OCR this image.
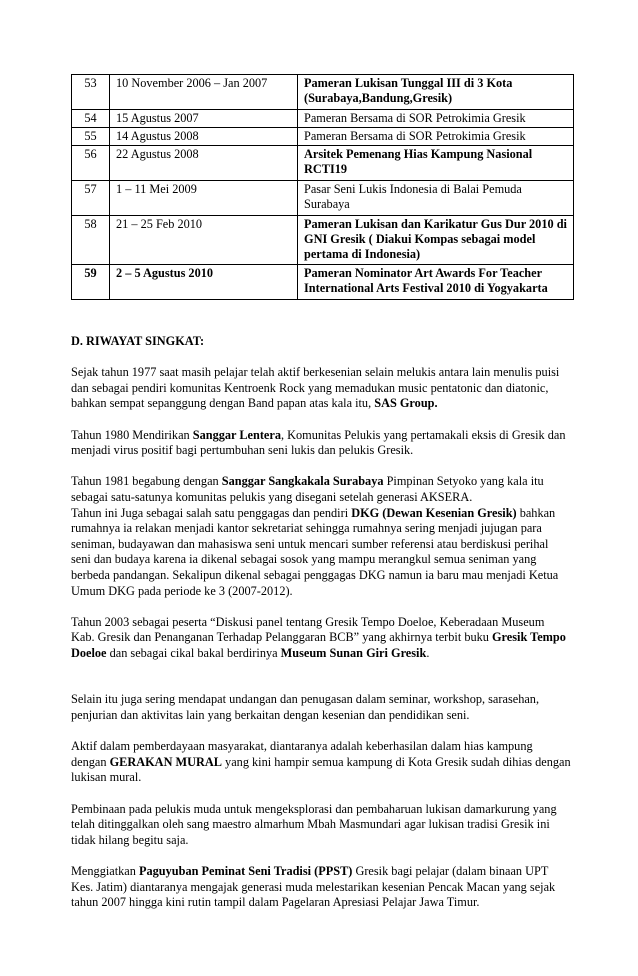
53	10 November 2006 – Jan 2007	Pameran Lukisan Tunggal III di 3 Kota (Surabaya,Bandung,Gresik)
54	15 Agustus 2007	Pameran Bersama di SOR Petrokimia Gresik
55	14 Agustus 2008	Pameran Bersama di SOR Petrokimia Gresik
56	22 Agustus 2008	Arsitek Pemenang Hias Kampung Nasional RCTI19
57	1 – 11 Mei 2009	Pasar Seni Lukis Indonesia di Balai Pemuda Surabaya
58	21 – 25 Feb 2010	Pameran Lukisan dan Karikatur Gus Dur 2010 di GNI Gresik ( Diakui Kompas sebagai model pertama di Indonesia)
59	2 – 5 Agustus 2010	Pameran Nominator Art Awards For Teacher International Arts Festival 2010 di Yogyakarta
D. RIWAYAT SINGKAT:

Sejak tahun 1977 saat masih pelajar telah aktif berkesenian selain melukis antara lain menulis puisi dan sebagai pendiri komunitas Kentroenk Rock yang memadukan music pentatonic dan diatonic, bahkan sempat sepanggung dengan Band papan atas kala itu, SAS Group.

Tahun 1980 Mendirikan Sanggar Lentera, Komunitas Pelukis yang pertamakali eksis di Gresik dan menjadi virus positif bagi pertumbuhan seni lukis dan pelukis Gresik.

Tahun 1981 begabung dengan Sanggar Sangkakala Surabaya Pimpinan Setyoko yang kala itu sebagai satu-satunya komunitas pelukis yang disegani setelah generasi AKSERA.
Tahun ini Juga sebagai salah satu penggagas dan pendiri DKG (Dewan Kesenian Gresik) bahkan rumahnya ia relakan menjadi kantor sekretariat sehingga rumahnya sering menjadi jujugan para seniman, budayawan dan mahasiswa seni untuk mencari sumber referensi atau berdiskusi perihal seni dan budaya karena ia dikenal sebagai sosok yang mampu merangkul semua seniman yang berbeda pandangan. Sekalipun dikenal sebagai penggagas DKG namun ia baru mau menjadi Ketua Umum DKG pada periode ke 3 (2007-2012).

Tahun 2003 sebagai peserta “Diskusi panel tentang Gresik Tempo Doeloe, Keberadaan Museum Kab. Gresik dan Penanganan Terhadap Pelanggaran BCB” yang akhirnya terbit buku Gresik Tempo Doeloe dan sebagai cikal bakal berdirinya Museum Sunan Giri Gresik.

Selain itu juga sering mendapat undangan dan penugasan dalam seminar, workshop, sarasehan, penjurian dan aktivitas lain yang berkaitan dengan kesenian dan pendidikan seni.

Aktif dalam pemberdayaan masyarakat, diantaranya adalah keberhasilan dalam hias kampung dengan GERAKAN MURAL yang kini hampir semua kampung di Kota Gresik sudah dihias dengan lukisan mural.

Pembinaan pada pelukis muda untuk mengeksplorasi dan pembaharuan lukisan damarkurung yang telah ditinggalkan oleh sang maestro almarhum Mbah Masmundari agar lukisan tradisi Gresik ini tidak hilang begitu saja.

Menggiatkan Paguyuban Peminat Seni Tradisi (PPST) Gresik bagi pelajar (dalam binaan UPT Kes. Jatim) diantaranya mengajak generasi muda melestarikan kesenian Pencak Macan yang sejak tahun 2007 hingga kini rutin tampil dalam Pagelaran Apresiasi Pelajar Jawa Timur.
